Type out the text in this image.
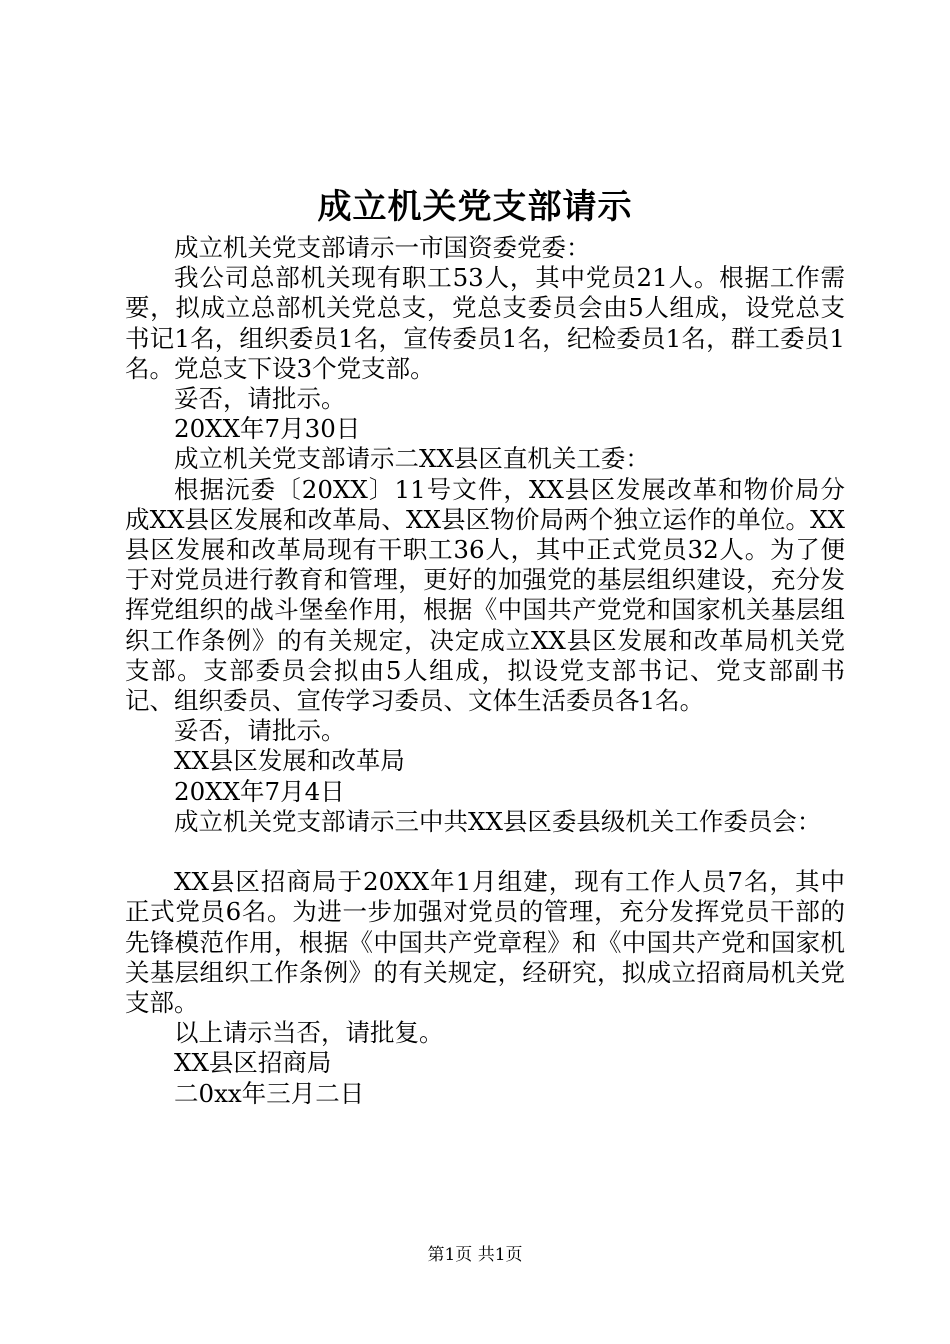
成立机关党支部请示

成立机关党支部请示一市国资委党委：

我公司总部机关现有职工53人，其中党员21人。根据工作需要，拟成立总部机关党总支，党总支委员会由5人组成，设党总支书记1名，组织委员1名，宣传委员1名，纪检委员1名，群工委员1名。党总支下设3个党支部。

妥否，请批示。

20XX年7月30日

成立机关党支部请示二XX县区直机关工委：

根据沅委〔20XX〕11号文件，XX县区发展改革和物价局分成XX县区发展和改革局、XX县区物价局两个独立运作的单位。XX县区发展和改革局现有干职工36人，其中正式党员32人。为了便于对党员进行教育和管理，更好的加强党的基层组织建设，充分发挥党组织的战斗堡垒作用，根据《中国共产党党和国家机关基层组织工作条例》的有关规定，决定成立XX县区发展和改革局机关党支部。支部委员会拟由5人组成，拟设党支部书记、党支部副书记、组织委员、宣传学习委员、文体生活委员各1名。

妥否，请批示。

XX县区发展和改革局

20XX年7月4日

成立机关党支部请示三中共XX县区委县级机关工作委员会：

XX县区招商局于20XX年1月组建，现有工作人员7名，其中正式党员6名。为进一步加强对党员的管理，充分发挥党员干部的先锋模范作用，根据《中国共产党章程》和《中国共产党和国家机关基层组织工作条例》的有关规定，经研究，拟成立招商局机关党支部。

以上请示当否，请批复。

XX县区招商局

二0xx年三月二日

第1页 共1页
